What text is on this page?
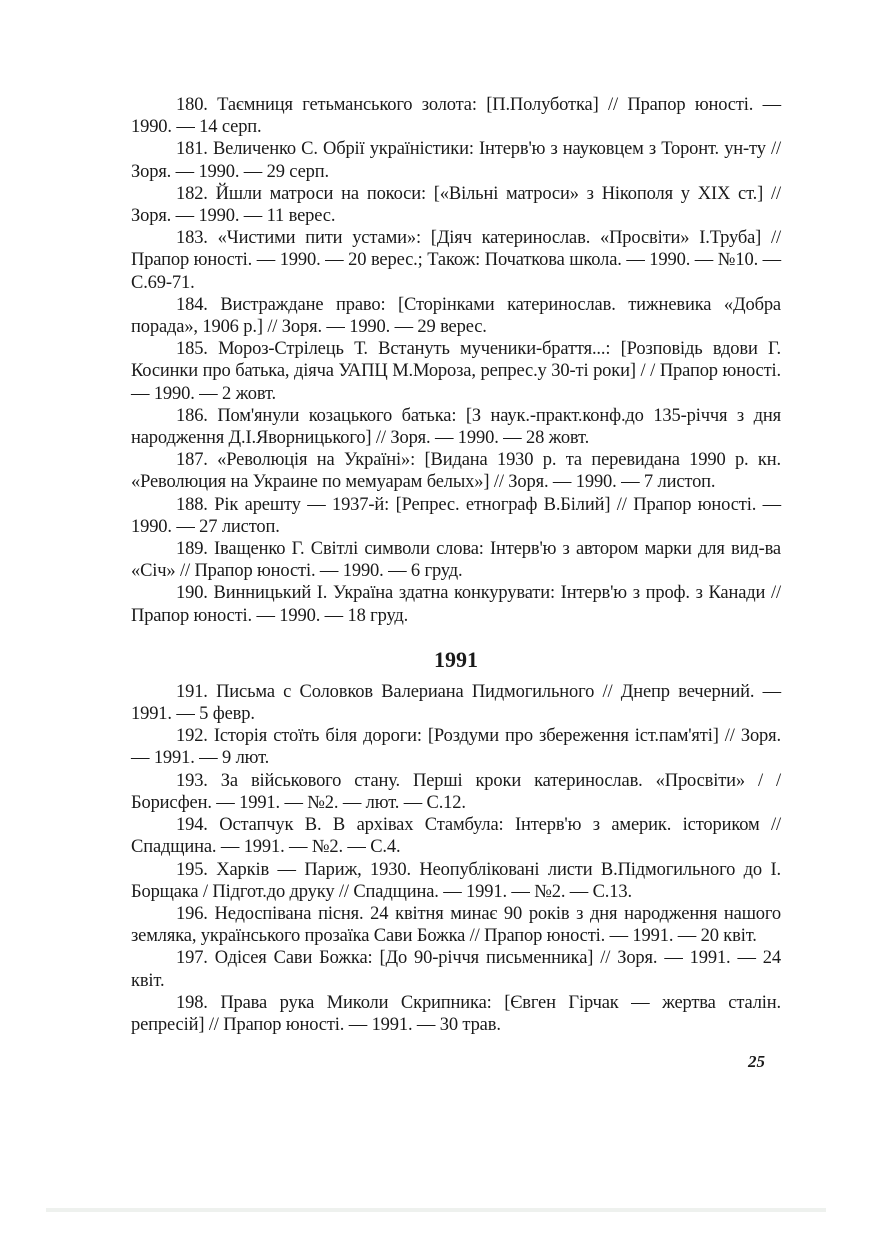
180. Таємниця гетьманського золота: [П.Полуботка] // Прапор юності. — 1990. — 14 серп.

181. Величенко С. Обрії україністики: Інтерв'ю з науковцем з Торонт. ун-ту // Зоря. — 1990. — 29 серп.

182. Йшли матроси на покоси: [«Вільні матроси» з Нікополя у XIX ст.] // Зоря. — 1990. — 11 верес.

183. «Чистими пити устами»: [Діяч катеринослав. «Просвіти» І.Труба] // Прапор юності. — 1990. — 20 верес.; Також: Початкова школа. — 1990. — №10. — С.69-71.

184. Вистраждане право: [Сторінками катеринослав. тижневика «Добра порада», 1906 р.] // Зоря. — 1990. — 29 верес.

185. Мороз-Стрілець Т. Встануть мученики-браття...: [Розповідь вдови Г. Косинки про батька, діяча УАПЦ М.Мороза, репрес.у 30-ті роки] / / Прапор юності. — 1990. — 2 жовт.

186. Пом'янули козацького батька: [З наук.-практ.конф.до 135-річчя з дня народження Д.І.Яворницького] // Зоря. — 1990. — 28 жовт.

187. «Революція на Україні»: [Видана 1930 р. та перевидана 1990 р. кн. «Революция на Украине по мемуарам белых»] // Зоря. — 1990. — 7 листоп.

188. Рік арешту — 1937-й: [Репрес. етнограф В.Білий] // Прапор юності. — 1990. — 27 листоп.

189. Іващенко Г. Світлі символи слова: Інтерв'ю з автором марки для вид-ва «Січ» // Прапор юності. — 1990. — 6 груд.

190. Винницький І. Україна здатна конкурувати: Інтерв'ю з проф. з Канади // Прапор юності. — 1990. — 18 груд.

1991

191. Письма с Соловков Валериана Пидмогильного // Днепр вечерний. — 1991. — 5 февр.

192. Історія стоїть біля дороги: [Роздуми про збереження іст.пам'яті] // Зоря. — 1991. — 9 лют.

193. За військового стану. Перші кроки катеринослав. «Просвіти» / / Борисфен. — 1991. — №2. — лют. — С.12.

194. Остапчук В. В архівах Стамбула: Інтерв'ю з америк. істориком // Спадщина. — 1991. — №2. — С.4.

195. Харків — Париж, 1930. Неопубліковані листи В.Підмогильного до І. Борщака / Підгот.до друку // Спадщина. — 1991. — №2. — С.13.

196. Недоспівана пісня. 24 квітня минає 90 років з дня народження нашого земляка, українського прозаїка Сави Божка // Прапор юності. — 1991. — 20 квіт.

197. Одісея Сави Божка: [До 90-річчя письменника] // Зоря. — 1991. — 24 квіт.

198. Права рука Миколи Скрипника: [Євген Гірчак — жертва сталін. репресій] // Прапор юності. — 1991. — 30 трав.

25
